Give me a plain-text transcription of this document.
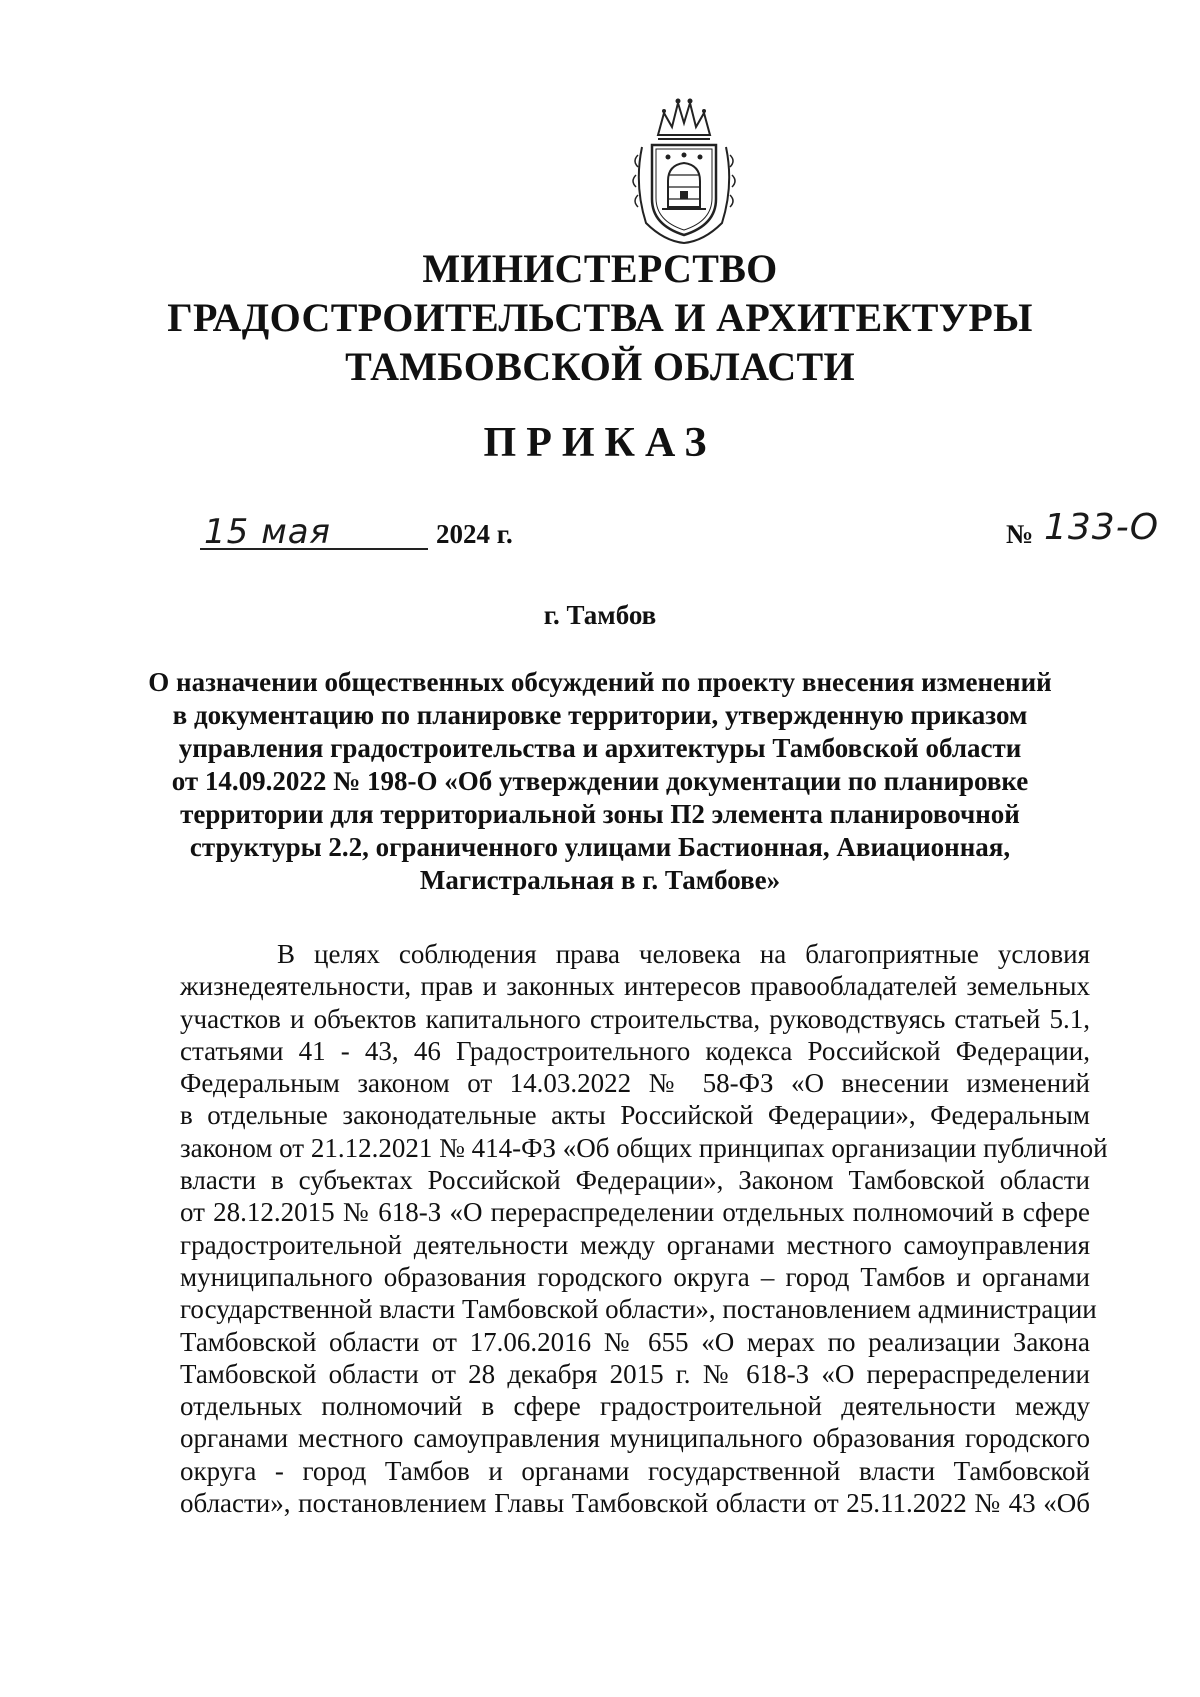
МИНИСТЕРСТВО
ГРАДОСТРОИТЕЛЬСТВА И АРХИТЕКТУРЫ
ТАМБОВСКОЙ ОБЛАСТИ
ПРИКАЗ
15 мая	2024 г.	№ 133-О
г. Тамбов
О назначении общественных обсуждений по проекту внесения изменений
в документацию по планировке территории, утвержденную приказом
управления градостроительства и архитектуры Тамбовской области
от 14.09.2022 № 198-О «Об утверждении документации по планировке
территории для территориальной зоны П2 элемента планировочной
структуры 2.2, ограниченного улицами Бастионная, Авиационная,
Магистральная в г. Тамбове»
В целях соблюдения права человека на благоприятные условия
жизнедеятельности, прав и законных интересов правообладателей земельных
участков и объектов капитального строительства, руководствуясь статьей 5.1,
статьями 41 - 43, 46 Градостроительного кодекса Российской Федерации,
Федеральным законом от 14.03.2022 № 58-ФЗ «О внесении изменений
в отдельные законодательные акты Российской Федерации», Федеральным
законом от 21.12.2021 № 414-ФЗ «Об общих принципах организации публичной
власти в субъектах Российской Федерации», Законом Тамбовской области
от 28.12.2015 № 618-З «О перераспределении отдельных полномочий в сфере
градостроительной деятельности между органами местного самоуправления
муниципального образования городского округа – город Тамбов и органами
государственной власти Тамбовской области», постановлением администрации
Тамбовской области от 17.06.2016 № 655 «О мерах по реализации Закона
Тамбовской области от 28 декабря 2015 г. № 618-З «О перераспределении
отдельных полномочий в сфере градостроительной деятельности между
органами местного самоуправления муниципального образования городского
округа - город Тамбов и органами государственной власти Тамбовской
области», постановлением Главы Тамбовской области от 25.11.2022 № 43 «Об
